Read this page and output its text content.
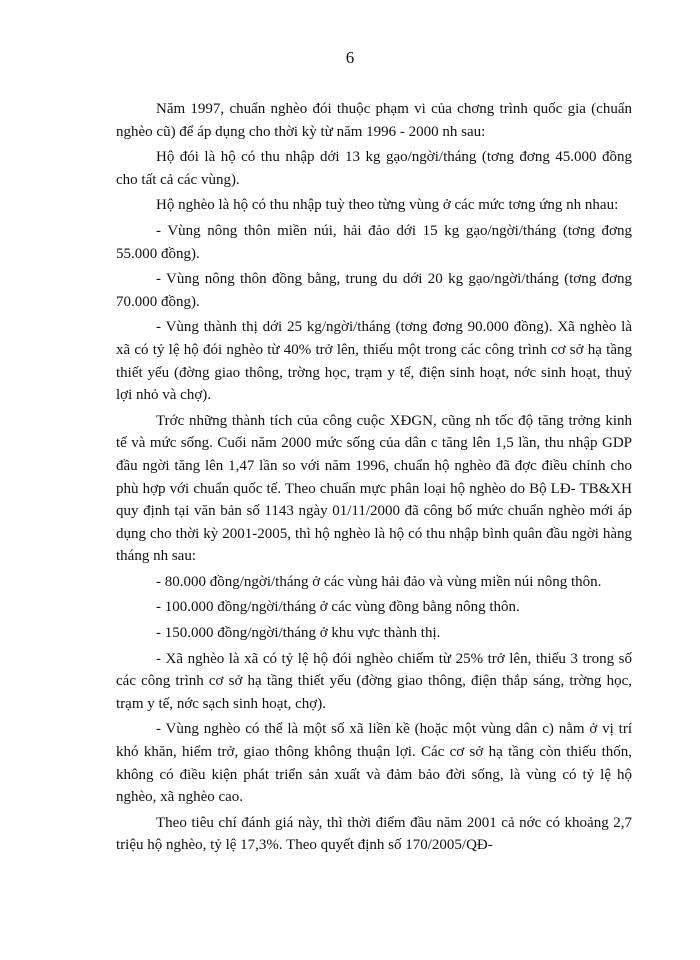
6

Năm 1997, chuẩn nghèo đói thuộc phạm vi của chơng trình quốc gia (chuẩn nghèo cũ) để áp dụng cho thời kỳ từ năm 1996 - 2000 nh sau:

Hộ đói là hộ có thu nhập dới 13 kg gạo/ngời/tháng (tơng đơng 45.000 đồng cho tất cả các vùng).

Hộ nghèo là hộ có thu nhập tuỳ theo từng vùng ở các mức tơng ứng nh nhau:

- Vùng nông thôn miền núi, hải đảo dới 15 kg gạo/ngời/tháng (tơng đơng 55.000 đồng).

- Vùng nông thôn đồng bằng, trung du dới 20 kg gạo/ngời/tháng (tơng đơng 70.000 đồng).

- Vùng thành thị dới 25 kg/ngời/tháng (tơng đơng 90.000 đồng). Xã nghèo là xã có tỷ lệ hộ đói nghèo từ 40% trở lên, thiếu một trong các công trình cơ sở hạ tầng thiết yếu (đờng giao thông, trờng học, trạm y tế, điện sinh hoạt, nớc sinh hoạt, thuỷ lợi nhỏ và chợ).

Trớc những thành tích của công cuộc XĐGN, cũng nh tốc độ tăng trởng kinh tế và mức sống. Cuối năm 2000 mức sống của dân c tăng lên 1,5 lần, thu nhập GDP đầu ngời tăng lên 1,47 lần so với năm 1996, chuẩn hộ nghèo đã đợc điều chỉnh cho phù hợp với chuẩn quốc tế. Theo chuẩn mực phân loại hộ nghèo do Bộ LĐ- TB&XH quy định tại văn bản số 1143 ngày 01/11/2000 đã công bố mức chuẩn nghèo mới áp dụng cho thời kỳ 2001-2005, thì hộ nghèo là hộ có thu nhập bình quân đầu ngời hàng tháng nh sau:

- 80.000 đồng/ngời/tháng ở các vùng hải đảo và vùng miền núi nông thôn.

- 100.000 đồng/ngời/tháng ở các vùng đồng bằng nông thôn.

- 150.000 đồng/ngời/tháng ở khu vực thành thị.

- Xã nghèo là xã có tỷ lệ hộ đói nghèo chiếm từ 25% trở lên, thiếu 3 trong số các công trình cơ sở hạ tầng thiết yếu (đờng giao thông, điện thắp sáng, trờng học, trạm y tế, nớc sạch sinh hoạt, chợ).

- Vùng nghèo có thể là một số xã liền kề (hoặc một vùng dân c) nằm ở vị trí khó khăn, hiểm trở, giao thông không thuận lợi. Các cơ sở hạ tầng còn thiếu thốn, không có điều kiện phát triển sản xuất và đảm bảo đời sống, là vùng có tỷ lệ hộ nghèo, xã nghèo cao.

Theo tiêu chí đánh giá này, thì thời điểm đầu năm 2001 cả nớc có khoảng 2,7 triệu hộ nghèo, tỷ lệ 17,3%. Theo quyết định số 170/2005/QĐ-
